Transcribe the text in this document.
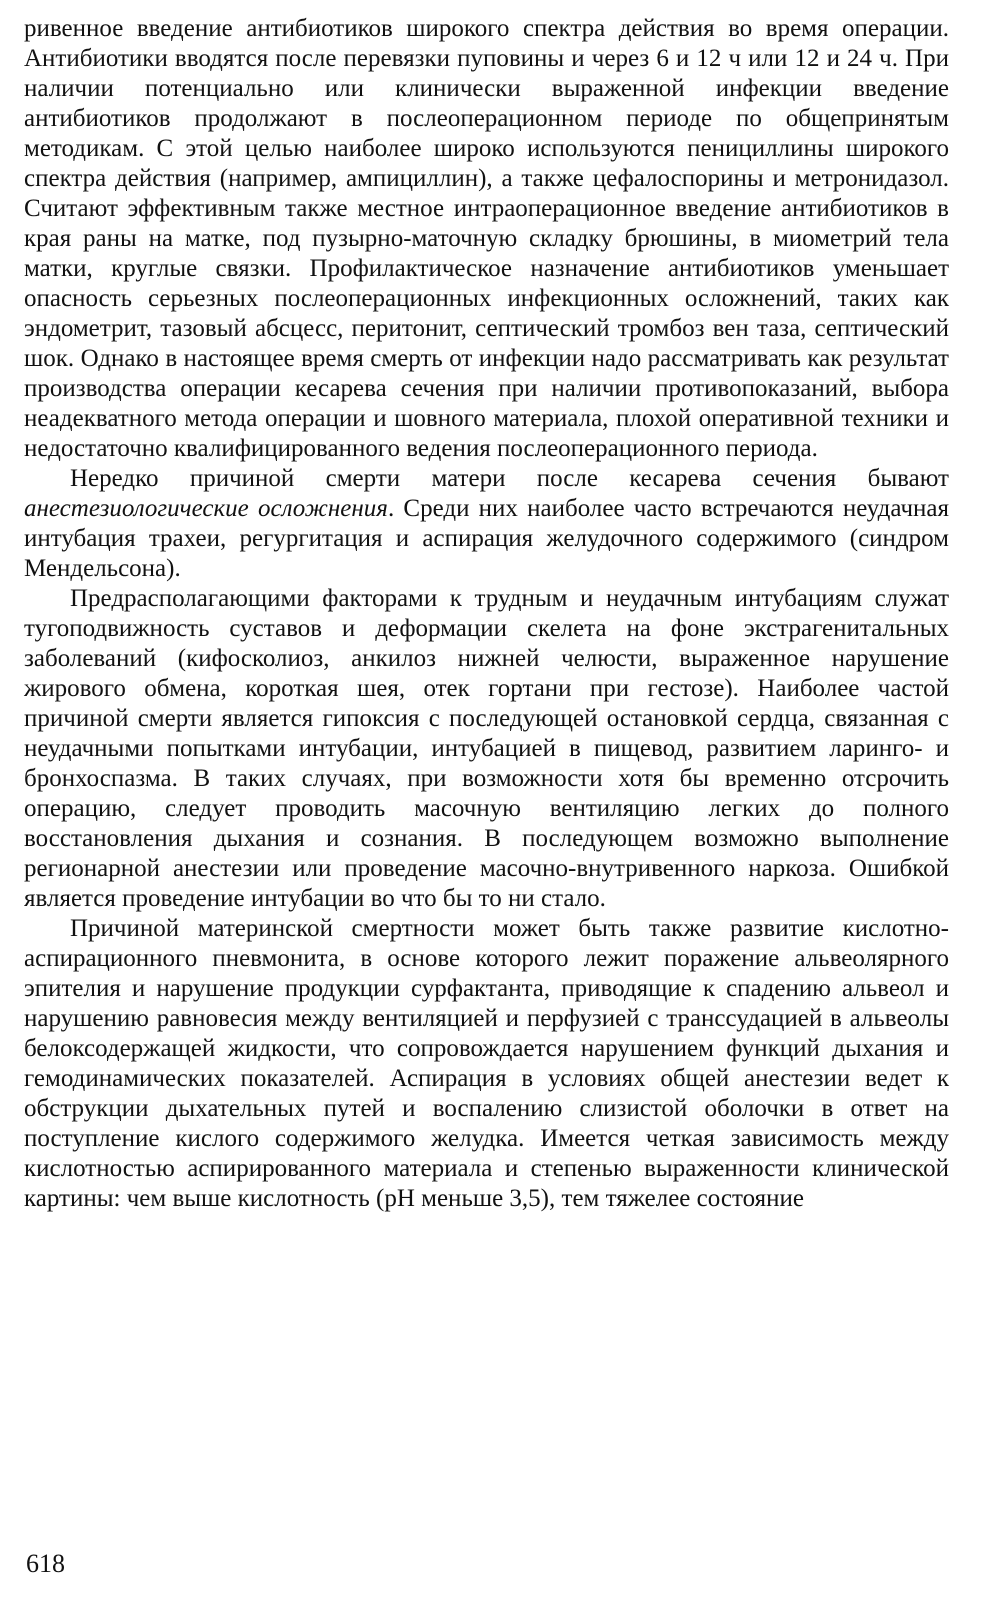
ривенное введение антибиотиков широкого спектра действия во время операции. Антибиотики вводятся после перевязки пуповины и через 6 и 12 ч или 12 и 24 ч. При наличии потенциально или клинически выраженной инфекции введение антибиотиков продолжают в послеоперационном периоде по общепринятым методикам. С этой целью наиболее широко используются пенициллины широкого спектра действия (например, ампициллин), а также цефалоспорины и метронидазол. Считают эффективным также местное интраоперационное введение антибиотиков в края раны на матке, под пузырно-маточную складку брюшины, в миометрий тела матки, круглые связки. Профилактическое назначение антибиотиков уменьшает опасность серьезных послеоперационных инфекционных осложнений, таких как эндометрит, тазовый абсцесс, перитонит, септический тромбоз вен таза, септический шок. Однако в настоящее время смерть от инфекции надо рассматривать как результат производства операции кесарева сечения при наличии противопоказаний, выбора неадекватного метода операции и шовного материала, плохой оперативной техники и недостаточно квалифицированного ведения послеоперационного периода.

Нередко причиной смерти матери после кесарева сечения бывают анестезиологические осложнения. Среди них наиболее часто встречаются неудачная интубация трахеи, регургитация и аспирация желудочного содержимого (синдром Мендельсона).

Предрасполагающими факторами к трудным и неудачным интубациям служат тугоподвижность суставов и деформации скелета на фоне экстрагенитальных заболеваний (кифосколиоз, анкилоз нижней челюсти, выраженное нарушение жирового обмена, короткая шея, отек гортани при гестозе). Наиболее частой причиной смерти является гипоксия с последующей остановкой сердца, связанная с неудачными попытками интубации, интубацией в пищевод, развитием ларинго- и бронхоспазма. В таких случаях, при возможности хотя бы временно отсрочить операцию, следует проводить масочную вентиляцию легких до полного восстановления дыхания и сознания. В последующем возможно выполнение регионарной анестезии или проведение масочно-внутривенного наркоза. Ошибкой является проведение интубации во что бы то ни стало.

Причиной материнской смертности может быть также развитие кислотно-аспирационного пневмонита, в основе которого лежит поражение альвеолярного эпителия и нарушение продукции сурфактанта, приводящие к спадению альвеол и нарушению равновесия между вентиляцией и перфузией с транссудацией в альвеолы белоксодержащей жидкости, что сопровождается нарушением функций дыхания и гемодинамических показателей. Аспирация в условиях общей анестезии ведет к обструкции дыхательных путей и воспалению слизистой оболочки в ответ на поступление кислого содержимого желудка. Имеется четкая зависимость между кислотностью аспирированного материала и степенью выраженности клинической картины: чем выше кислотность (рН меньше 3,5), тем тяжелее состояние

618
